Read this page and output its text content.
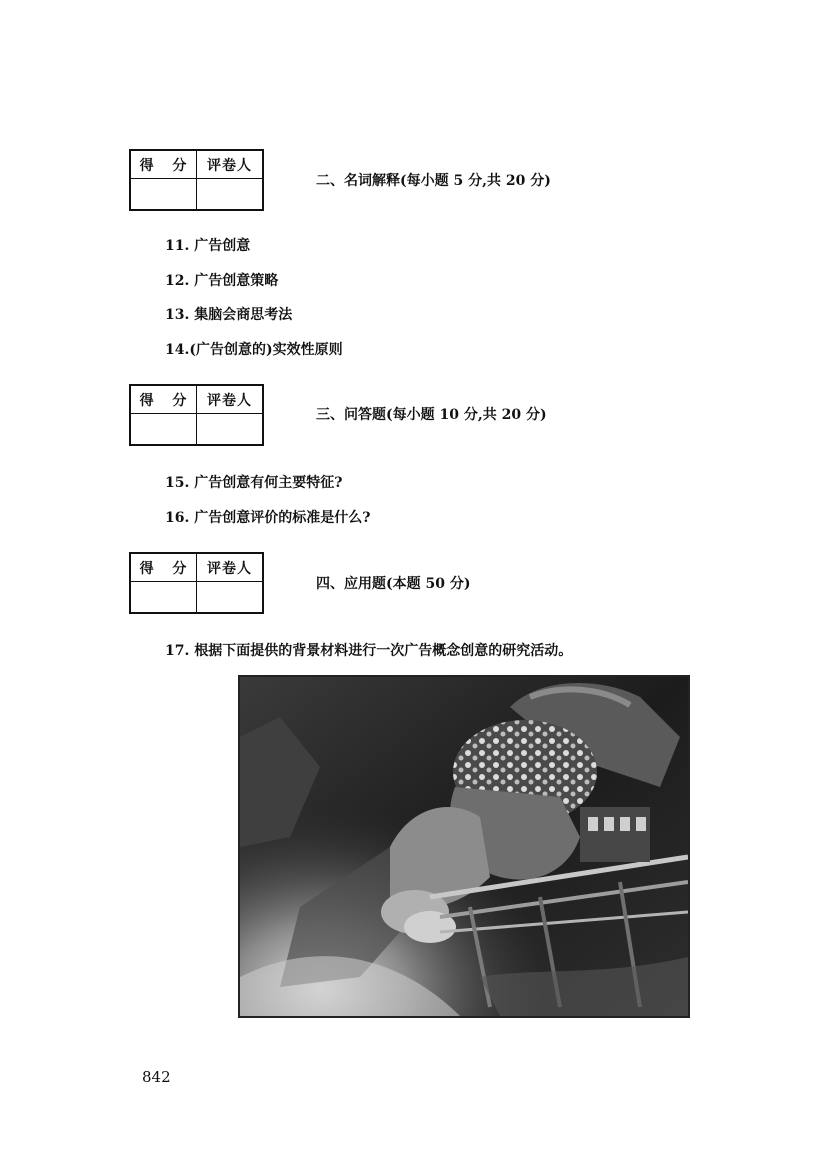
得 分	评卷人
二、名词解释(每小题 5 分,共 20 分)
11. 广告创意
12. 广告创意策略
13. 集脑会商思考法
14.(广告创意的)实效性原则
得 分	评卷人
三、问答题(每小题 10 分,共 20 分)
15. 广告创意有何主要特征?
16. 广告创意评价的标准是什么?
得 分	评卷人
四、应用题(本题 50 分)
17. 根据下面提供的背景材料进行一次广告概念创意的研究活动。
842
